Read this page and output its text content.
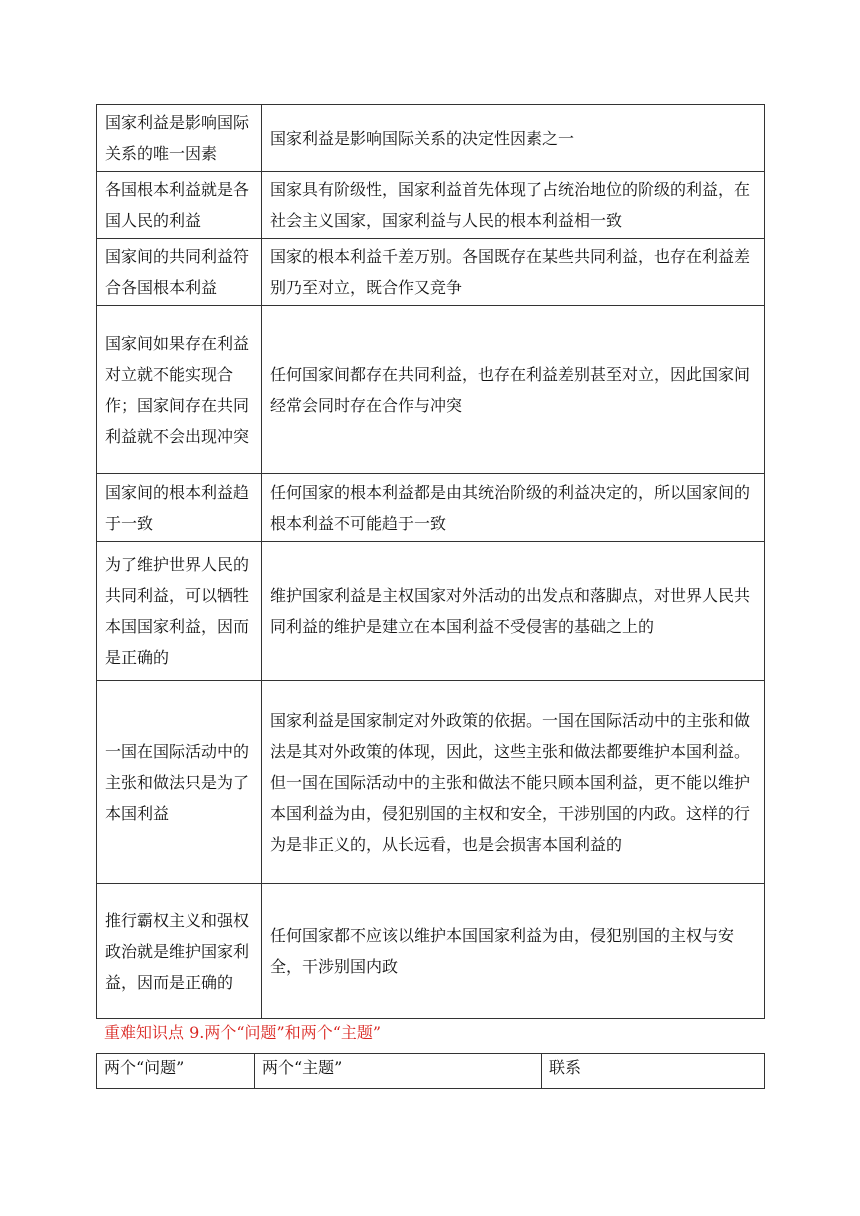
国家利益是影响国际关系的唯一因素	国家利益是影响国际关系的决定性因素之一
各国根本利益就是各国人民的利益	国家具有阶级性，国家利益首先体现了占统治地位的阶级的利益，在社会主义国家，国家利益与人民的根本利益相一致
国家间的共同利益符合各国根本利益	国家的根本利益千差万别。各国既存在某些共同利益，也存在利益差别乃至对立，既合作又竞争
国家间如果存在利益对立就不能实现合作；国家间存在共同利益就不会出现冲突	任何国家间都存在共同利益，也存在利益差别甚至对立，因此国家间经常会同时存在合作与冲突
国家间的根本利益趋于一致	任何国家的根本利益都是由其统治阶级的利益决定的，所以国家间的根本利益不可能趋于一致
为了维护世界人民的共同利益，可以牺牲本国国家利益，因而是正确的	维护国家利益是主权国家对外活动的出发点和落脚点，对世界人民共同利益的维护是建立在本国利益不受侵害的基础之上的
一国在国际活动中的主张和做法只是为了本国利益	国家利益是国家制定对外政策的依据。一国在国际活动中的主张和做法是其对外政策的体现，因此，这些主张和做法都要维护本国利益。但一国在国际活动中的主张和做法不能只顾本国利益，更不能以维护本国利益为由，侵犯别国的主权和安全，干涉别国的内政。这样的行为是非正义的，从长远看，也是会损害本国利益的
推行霸权主义和强权政治就是维护国家利益，因而是正确的	任何国家都不应该以维护本国国家利益为由，侵犯别国的主权与安全，干涉别国内政
重难知识点 9.两个“问题”和两个“主题”
两个“问题”	两个“主题”	联系
